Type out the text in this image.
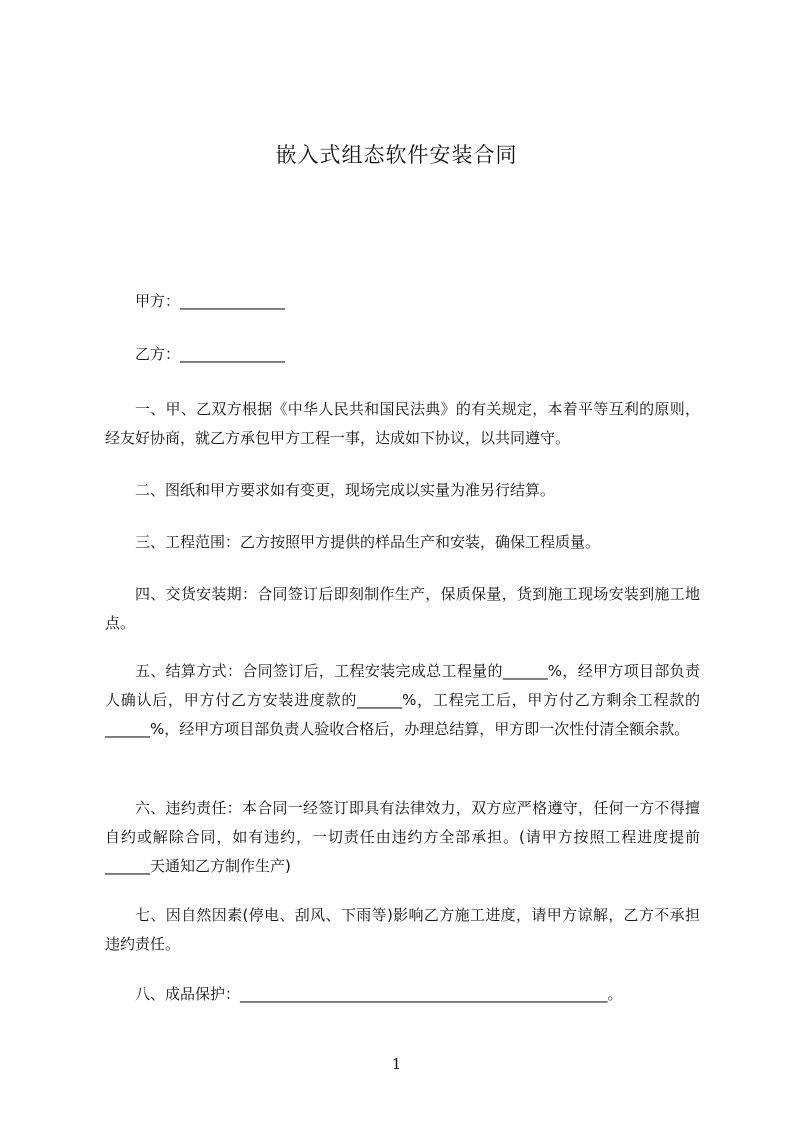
嵌入式组态软件安装合同

甲方：______________

乙方：______________

一、甲、乙双方根据《中华人民共和国民法典》的有关规定，本着平等互利的原则，经友好协商，就乙方承包甲方工程一事，达成如下协议，以共同遵守。

二、图纸和甲方要求如有变更，现场完成以实量为准另行结算。

三、工程范围：乙方按照甲方提供的样品生产和安装，确保工程质量。

四、交货安装期：合同签订后即刻制作生产，保质保量，货到施工现场安装到施工地点。

五、结算方式：合同签订后，工程安装完成总工程量的______%，经甲方项目部负责人确认后，甲方付乙方安装进度款的______%，工程完工后，甲方付乙方剩余工程款的______%，经甲方项目部负责人验收合格后，办理总结算，甲方即一次性付清全额余款。

六、违约责任：本合同一经签订即具有法律效力，双方应严格遵守，任何一方不得擅自约或解除合同，如有违约，一切责任由违约方全部承担。(请甲方按照工程进度提前______天通知乙方制作生产)

七、因自然因素(停电、刮风、下雨等)影响乙方施工进度，请甲方谅解，乙方不承担违约责任。

八、成品保护：_________________________________________________。

1
